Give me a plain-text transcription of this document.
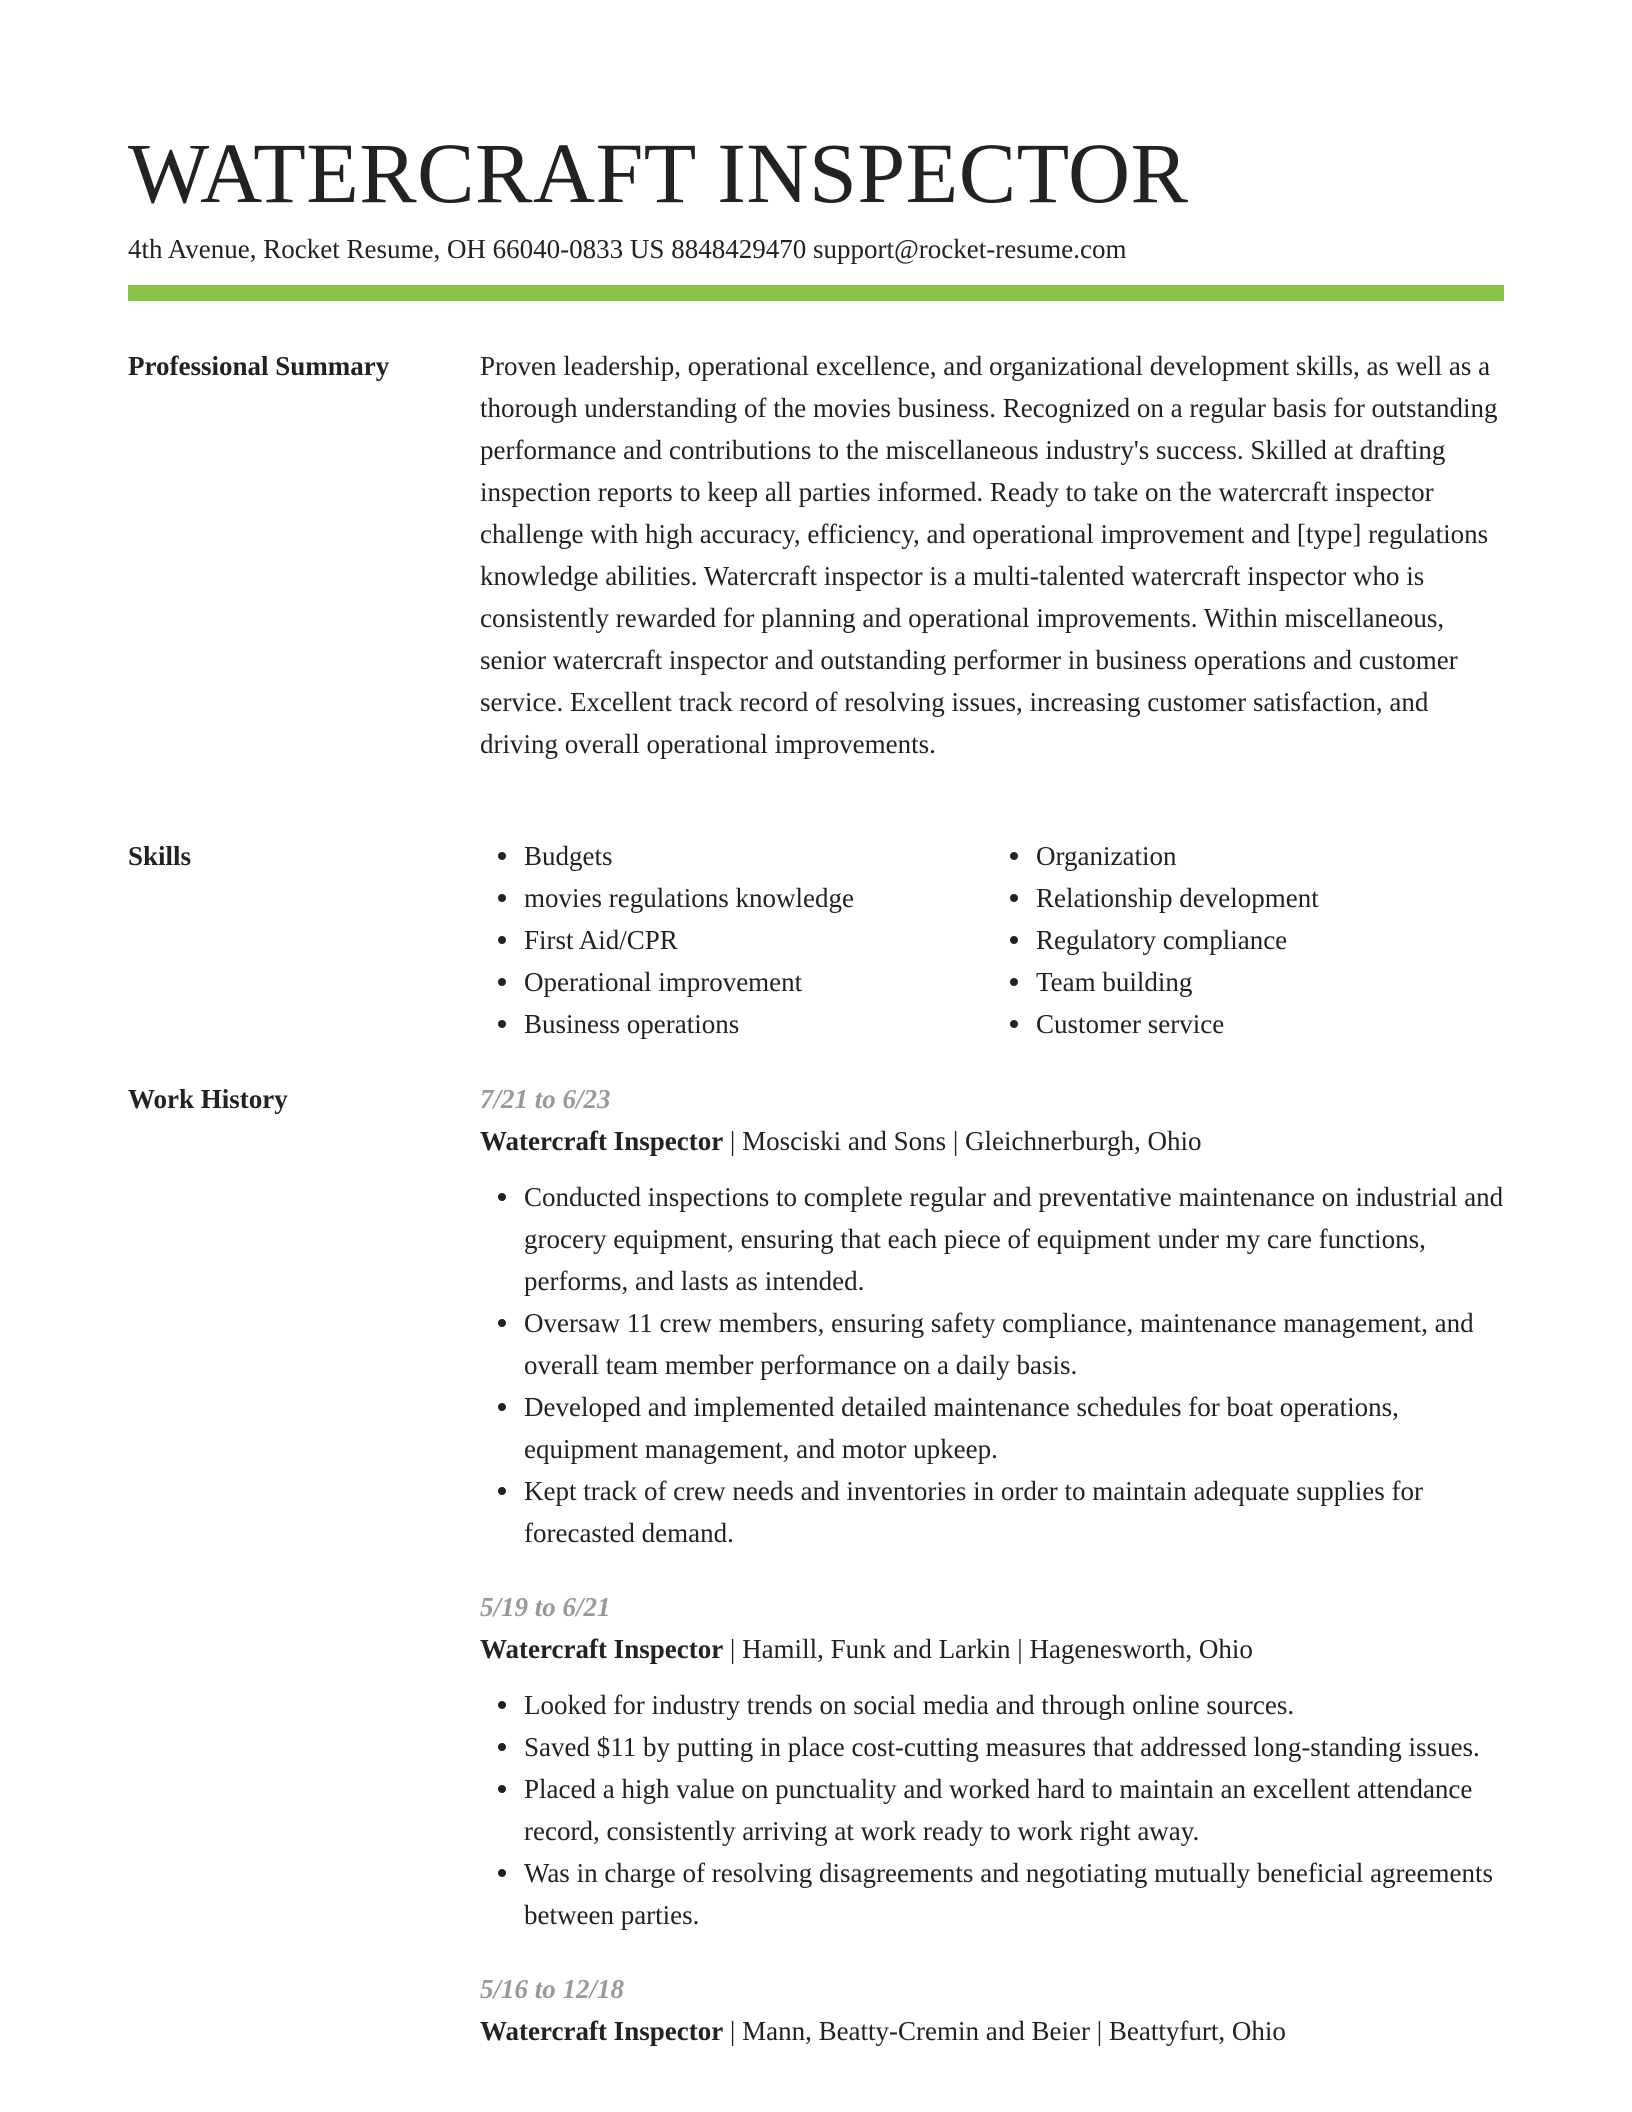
WATERCRAFT INSPECTOR
4th Avenue, Rocket Resume, OH 66040-0833 US 8848429470 support@rocket-resume.com
Professional Summary	Proven leadership, operational excellence, and organizational development skills, as well as a thorough understanding of the movies business. Recognized on a regular basis for outstanding performance and contributions to the miscellaneous industry's success. Skilled at drafting inspection reports to keep all parties informed. Ready to take on the watercraft inspector challenge with high accuracy, efficiency, and operational improvement and [type] regulations knowledge abilities. Watercraft inspector is a multi-talented watercraft inspector who is consistently rewarded for planning and operational improvements. Within miscellaneous, senior watercraft inspector and outstanding performer in business operations and customer service. Excellent track record of resolving issues, increasing customer satisfaction, and driving overall operational improvements.

Skills	Budgets
movies regulations knowledge
First Aid/CPR
Operational improvement
Business operations
Organization
Relationship development
Regulatory compliance
Team building
Customer service
Work History	7/21 to 6/23
Watercraft Inspector | Mosciski and Sons | Gleichnerburgh, Ohio
Conducted inspections to complete regular and preventative maintenance on industrial and grocery equipment, ensuring that each piece of equipment under my care functions, performs, and lasts as intended.
Oversaw 11 crew members, ensuring safety compliance, maintenance management, and overall team member performance on a daily basis.
Developed and implemented detailed maintenance schedules for boat operations, equipment management, and motor upkeep.
Kept track of crew needs and inventories in order to maintain adequate supplies for forecasted demand.
5/19 to 6/21
Watercraft Inspector | Hamill, Funk and Larkin | Hagenesworth, Ohio
Looked for industry trends on social media and through online sources.
Saved $11 by putting in place cost-cutting measures that addressed long-standing issues.
Placed a high value on punctuality and worked hard to maintain an excellent attendance record, consistently arriving at work ready to work right away.
Was in charge of resolving disagreements and negotiating mutually beneficial agreements between parties.
5/16 to 12/18
Watercraft Inspector | Mann, Beatty-Cremin and Beier | Beattyfurt, Ohio
